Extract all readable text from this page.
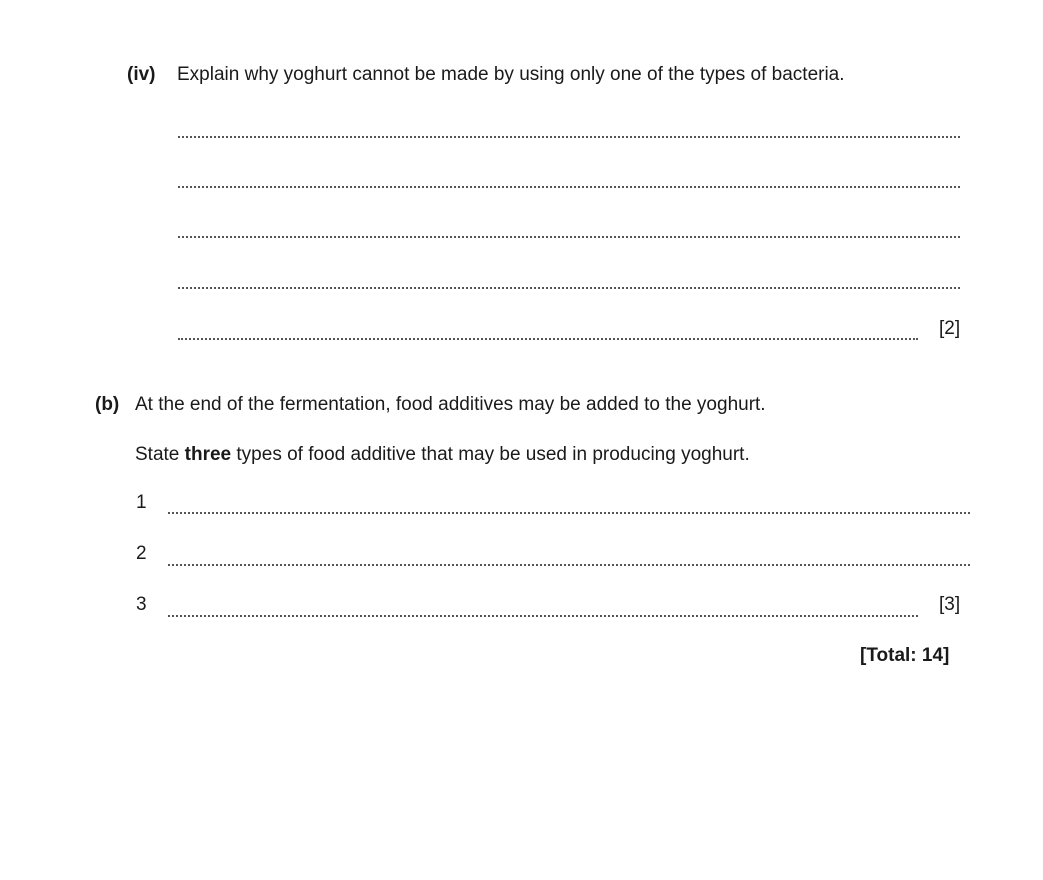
(iv) Explain why yoghurt cannot be made by using only one of the types of bacteria.
[2]
(b) At the end of the fermentation, food additives may be added to the yoghurt.
State three types of food additive that may be used in producing yoghurt.
1
2
3	[3]
[Total: 14]
